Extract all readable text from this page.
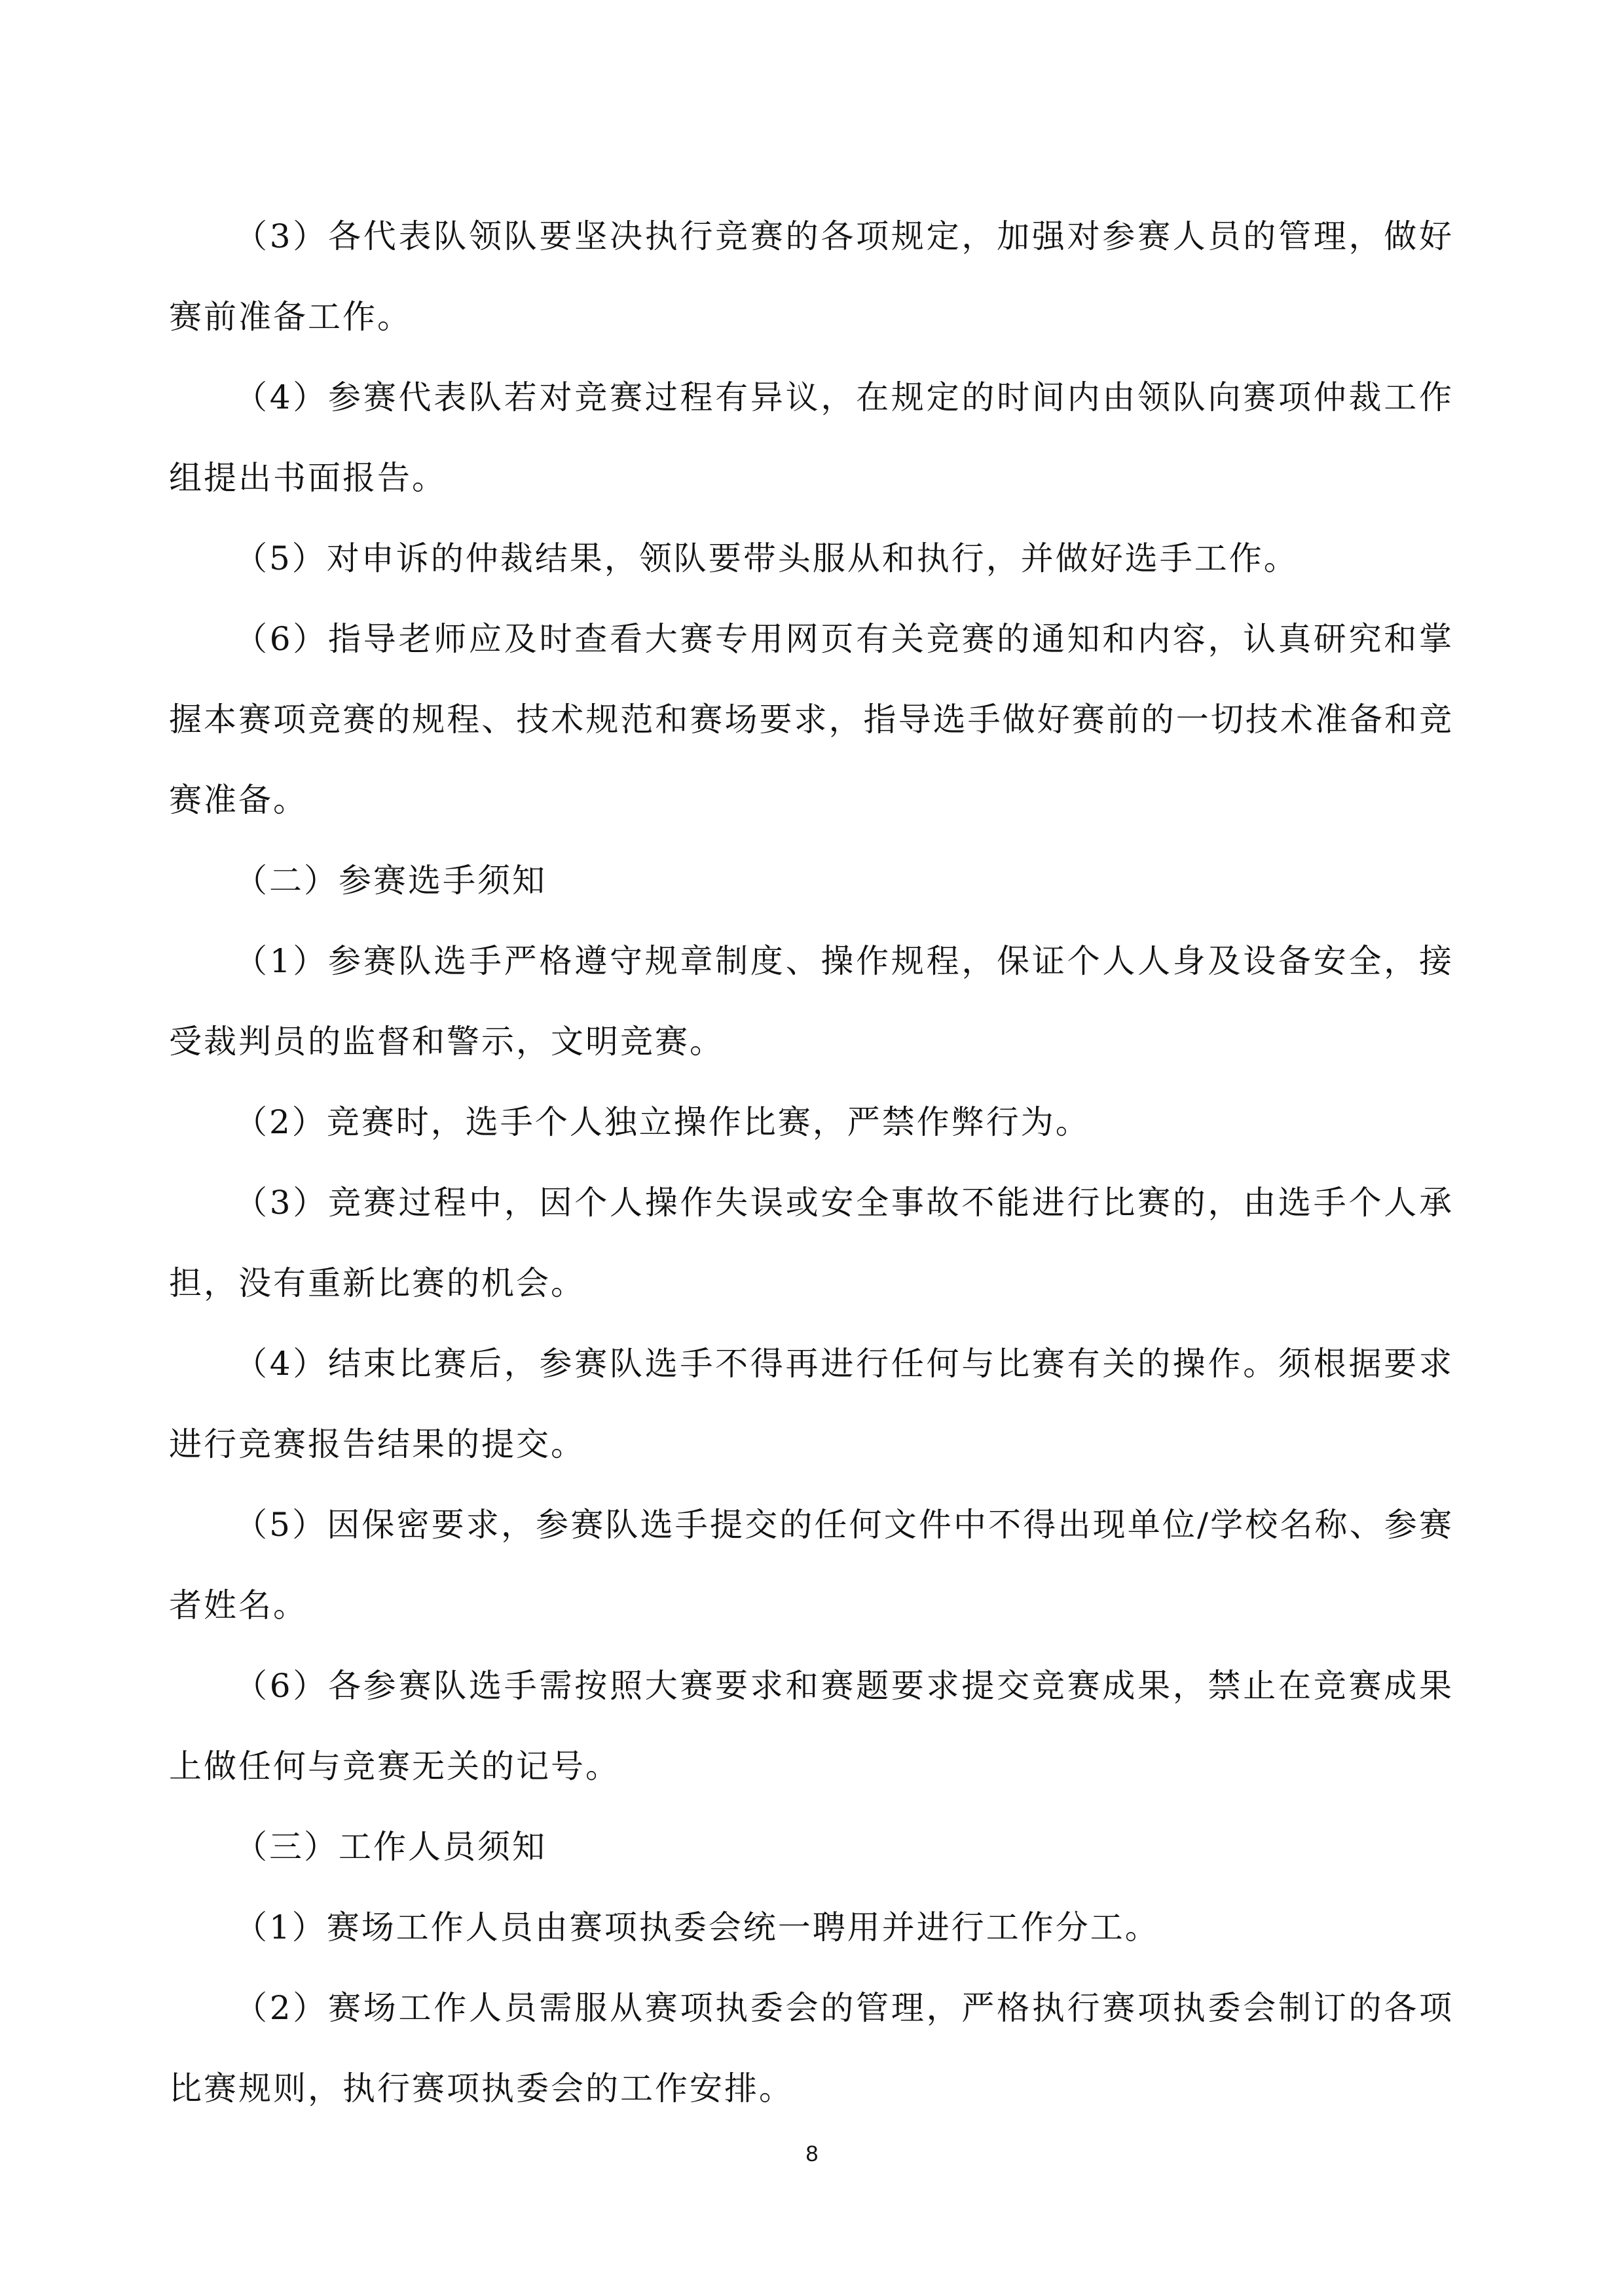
（3）各代表队领队要坚决执行竞赛的各项规定，加强对参赛人员的管理，做好赛前准备工作。

（4）参赛代表队若对竞赛过程有异议，在规定的时间内由领队向赛项仲裁工作组提出书面报告。

（5）对申诉的仲裁结果，领队要带头服从和执行，并做好选手工作。

（6）指导老师应及时查看大赛专用网页有关竞赛的通知和内容，认真研究和掌握本赛项竞赛的规程、技术规范和赛场要求，指导选手做好赛前的一切技术准备和竞赛准备。

（二）参赛选手须知

（1）参赛队选手严格遵守规章制度、操作规程，保证个人人身及设备安全，接受裁判员的监督和警示，文明竞赛。

（2）竞赛时，选手个人独立操作比赛，严禁作弊行为。

（3）竞赛过程中，因个人操作失误或安全事故不能进行比赛的，由选手个人承担，没有重新比赛的机会。

（4）结束比赛后，参赛队选手不得再进行任何与比赛有关的操作。须根据要求进行竞赛报告结果的提交。

（5）因保密要求，参赛队选手提交的任何文件中不得出现单位/学校名称、参赛者姓名。

（6）各参赛队选手需按照大赛要求和赛题要求提交竞赛成果，禁止在竞赛成果上做任何与竞赛无关的记号。

（三）工作人员须知

（1）赛场工作人员由赛项执委会统一聘用并进行工作分工。

（2）赛场工作人员需服从赛项执委会的管理，严格执行赛项执委会制订的各项比赛规则，执行赛项执委会的工作安排。

8
